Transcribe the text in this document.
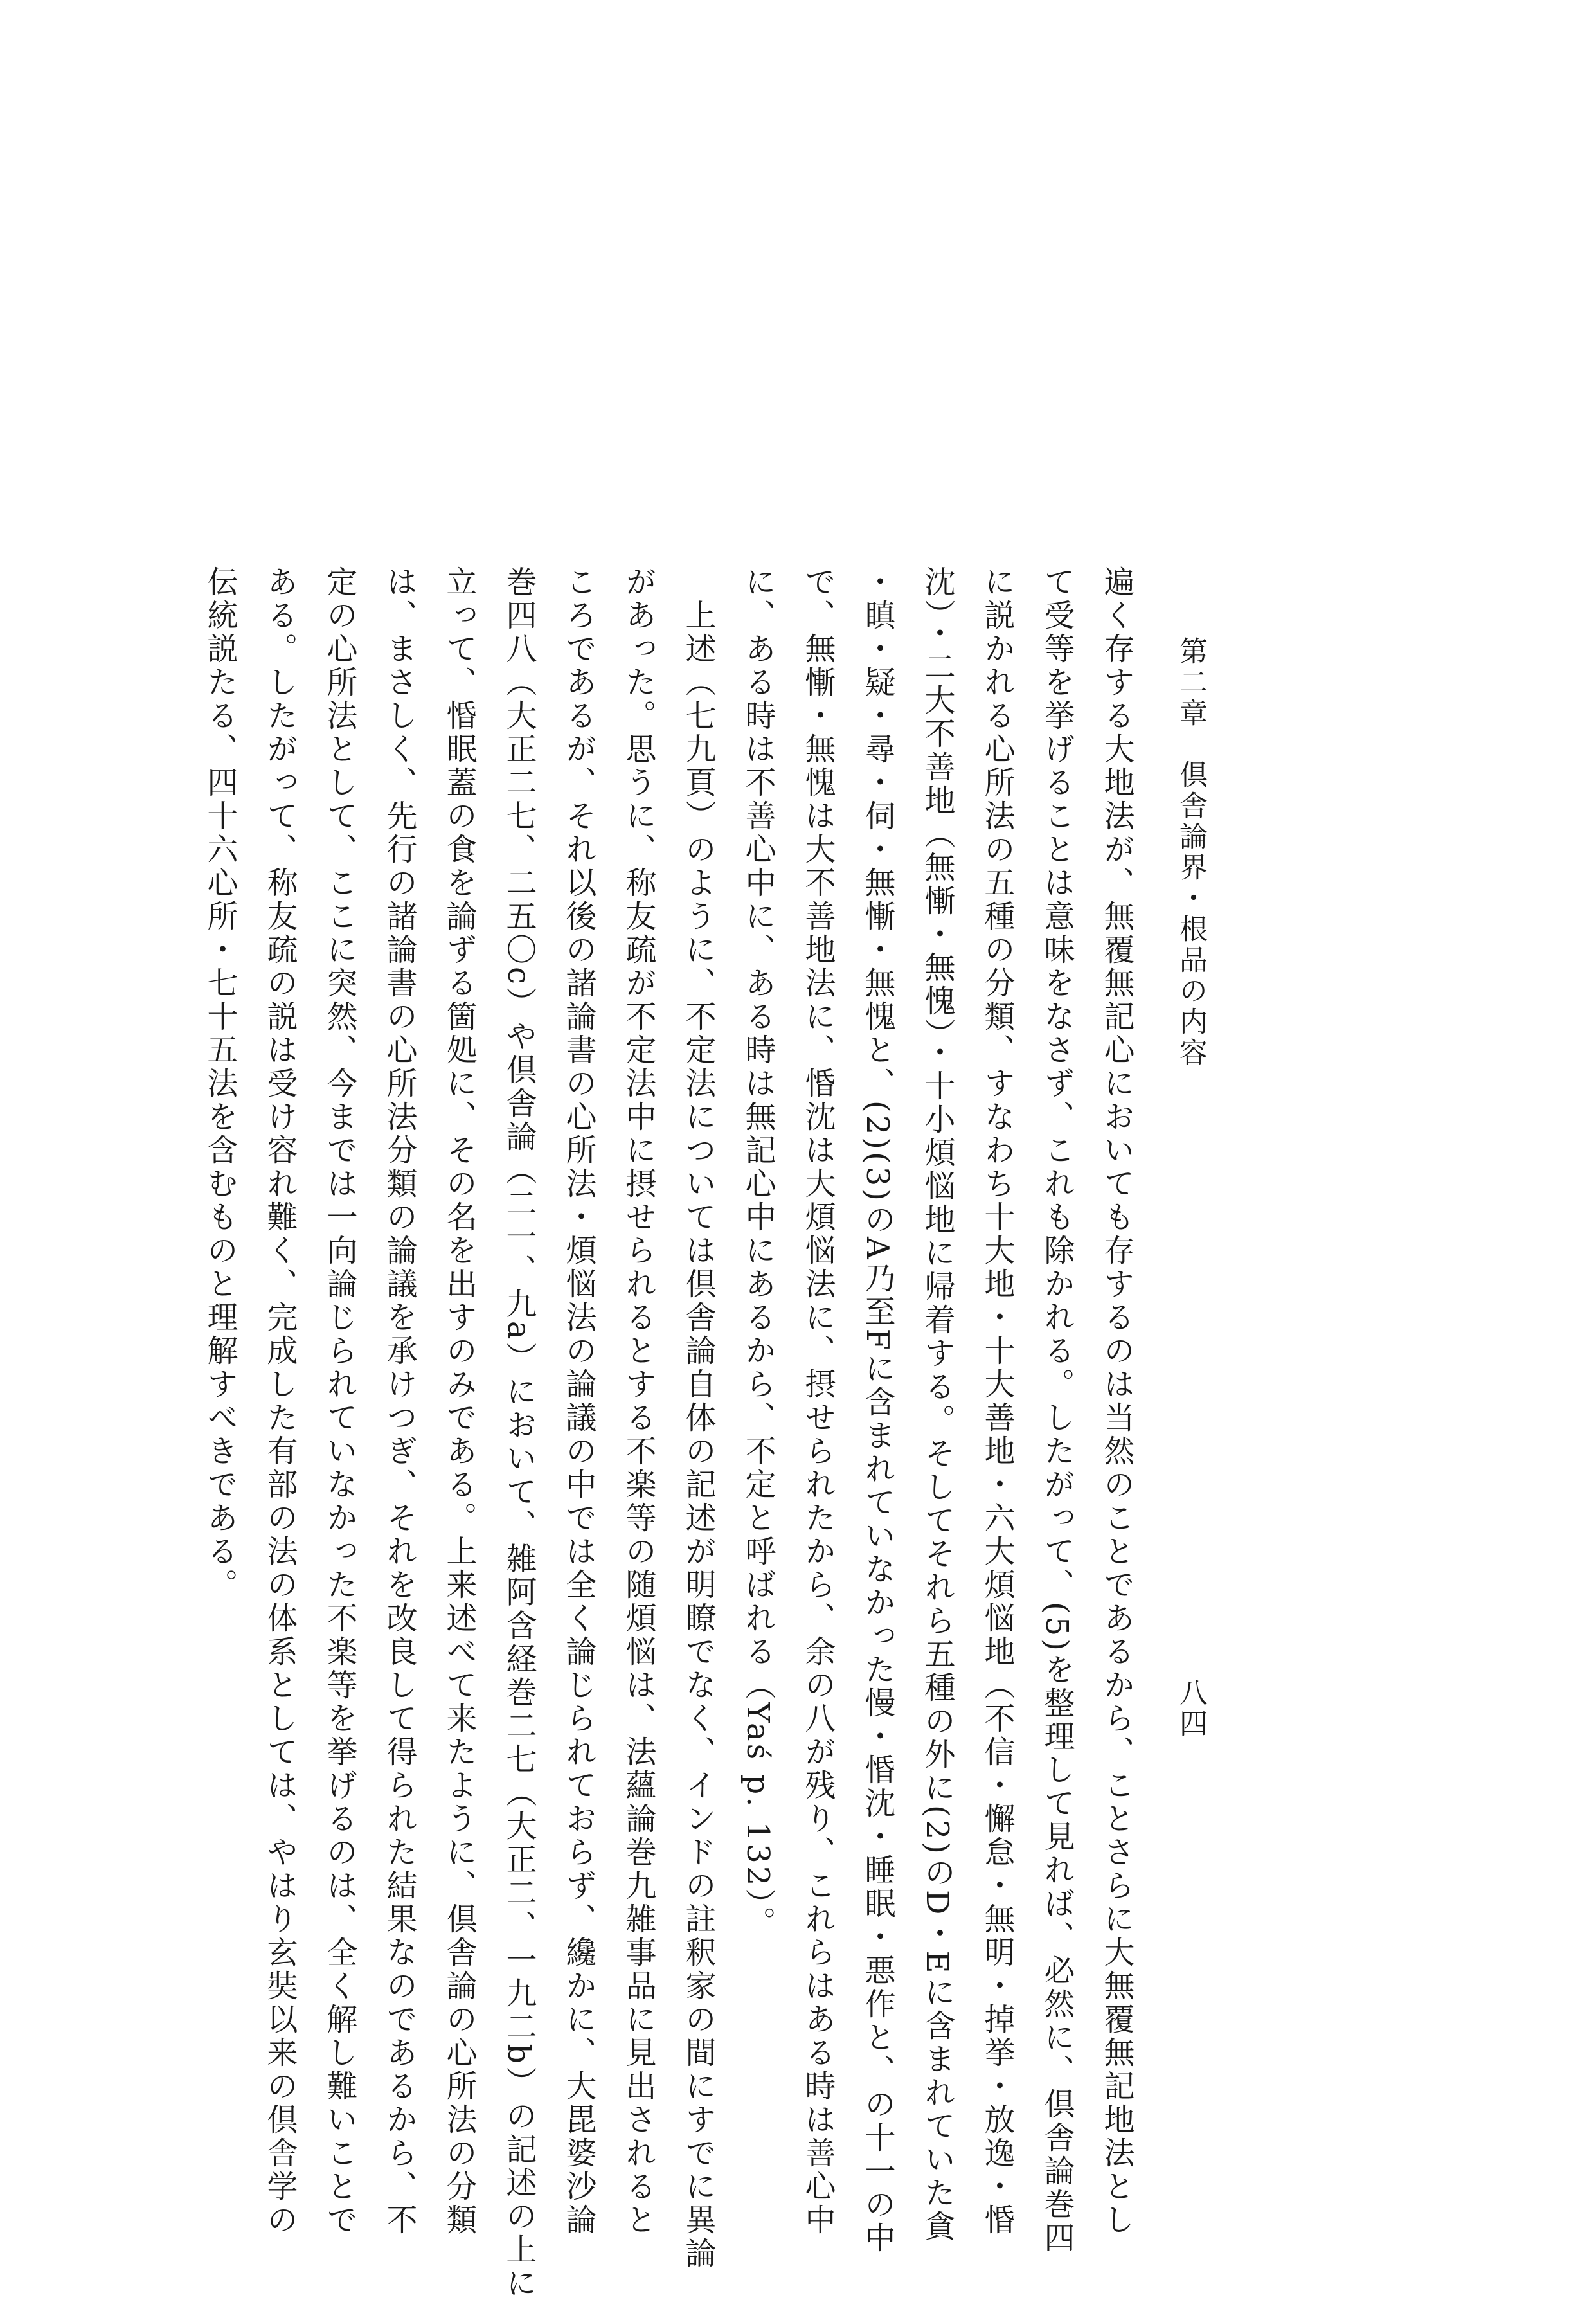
第二章　倶舎論界・根品の内容
八四
遍く存する大地法が、無覆無記心においても存するのは当然のことであるから、ことさらに大無覆無記地法とし
て受等を挙げることは意味をなさず、これも除かれる。したがって、(5)を整理して見れば、必然に、倶舎論巻四
に説かれる心所法の五種の分類、すなわち十大地・十大善地・六大煩悩地（不信・懈怠・無明・掉挙・放逸・惛
沈）・二大不善地（無慚・無愧）・十小煩悩地に帰着する。そしてそれら五種の外に(2)のD・Eに含まれていた貪
・瞋・疑・尋・伺・無慚・無愧と、(2)(3)のA乃至Fに含まれていなかった慢・惛沈・睡眠・悪作と、の十一の中
で、無慚・無愧は大不善地法に、惛沈は大煩悩法に、摂せられたから、余の八が残り、これらはある時は善心中
に、ある時は不善心中に、ある時は無記心中にあるから、不定と呼ばれる（Yaś p. 132）。
　上述（七九頁）のように、不定法については倶舎論自体の記述が明瞭でなく、インドの註釈家の間にすでに異論
があった。思うに、称友疏が不定法中に摂せられるとする不楽等の随煩悩は、法蘊論巻九雑事品に見出されると
ころであるが、それ以後の諸論書の心所法・煩悩法の論議の中では全く論じられておらず、纔かに、大毘婆沙論
巻四八（大正二七、二五〇c）や倶舎論（二一、九a）において、雑阿含経巻二七（大正二、一九二b）の記述の上に
立って、惛眠蓋の食を論ずる箇処に、その名を出すのみである。上来述べて来たように、倶舎論の心所法の分類
は、まさしく、先行の諸論書の心所法分類の論議を承けつぎ、それを改良して得られた結果なのであるから、不
定の心所法として、ここに突然、今までは一向論じられていなかった不楽等を挙げるのは、全く解し難いことで
ある。したがって、称友疏の説は受け容れ難く、完成した有部の法の体系としては、やはり玄奘以来の倶舎学の
伝統説たる、四十六心所・七十五法を含むものと理解すべきである。
